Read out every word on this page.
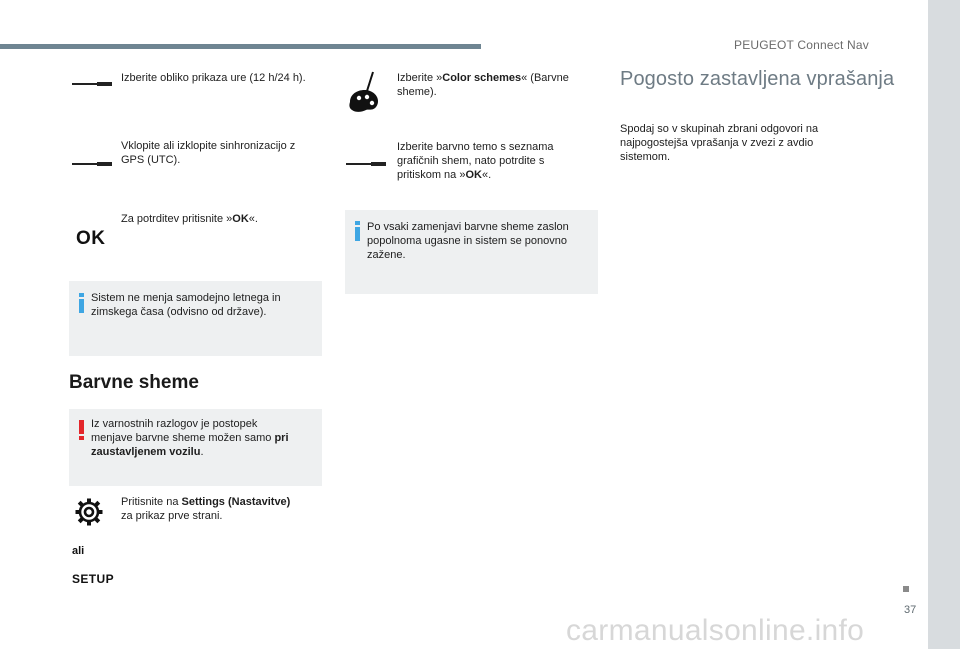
PEUGEOT Connect Nav
37
Izberite obliko prikaza ure (12 h/24 h).
Vklopite ali izklopite sinhronizacijo z
GPS (UTC).
OK
Za potrditev pritisnite »OK«.
Sistem ne menja samodejno letnega in
zimskega časa (odvisno od države).
Barvne sheme
Iz varnostnih razlogov je postopek
menjave barvne sheme možen samo pri
zaustavljenem vozilu.
Pritisnite na Settings (Nastavitve)
za prikaz prve strani.
ali
SETUP
Izberite »Color schemes« (Barvne
sheme).
Izberite barvno temo s seznama
grafičnih shem, nato potrdite s
pritiskom na »OK«.
Po vsaki zamenjavi barvne sheme zaslon
popolnoma ugasne in sistem se ponovno
zažene.
Pogosto zastavljena vprašanja
Spodaj so v skupinah zbrani odgovori na
najpogostejša vprašanja v zvezi z avdio
sistemom.
carmanualsonline.info
